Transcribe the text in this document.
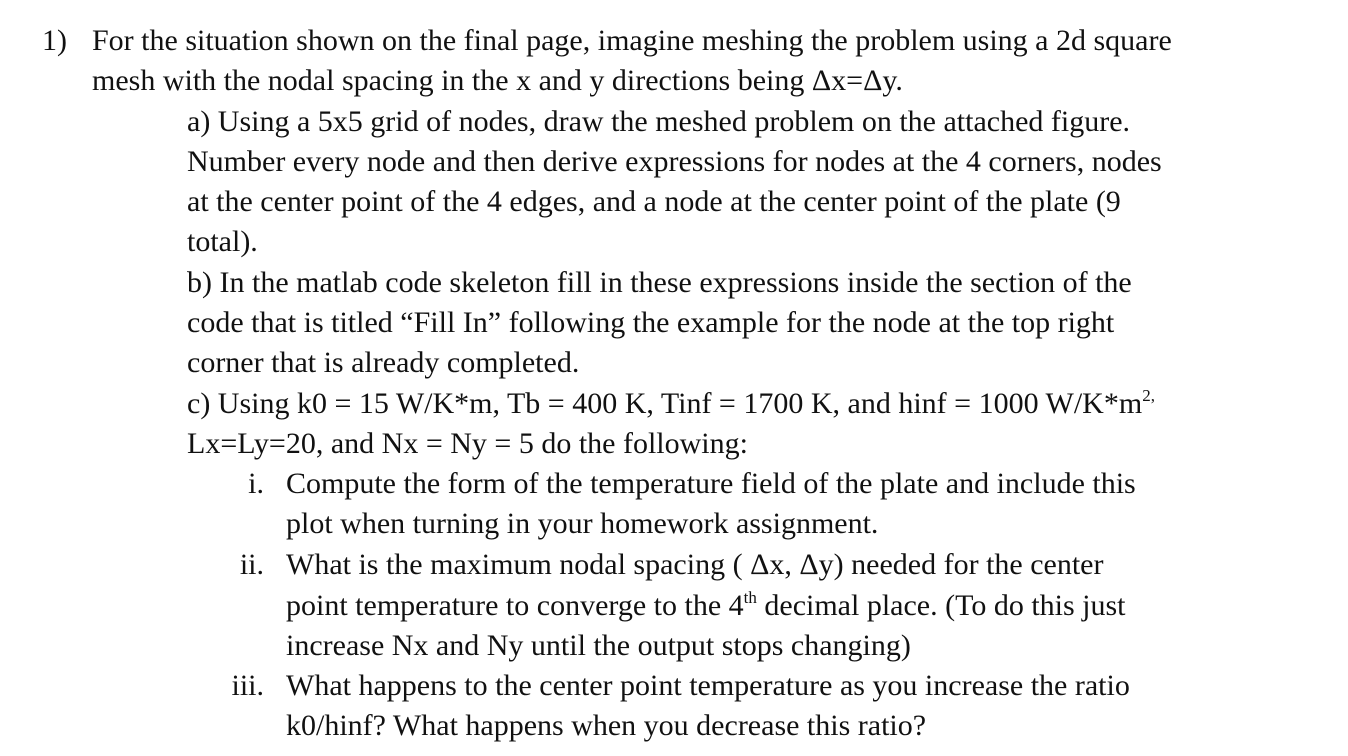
1) For the situation shown on the final page, imagine meshing the problem using a 2d square
mesh with the nodal spacing in the x and y directions being Δx=Δy.
a) Using a 5x5 grid of nodes, draw the meshed problem on the attached figure.
Number every node and then derive expressions for nodes at the 4 corners, nodes
at the center point of the 4 edges, and a node at the center point of the plate (9
total).
b) In the matlab code skeleton fill in these expressions inside the section of the
code that is titled “Fill In” following the example for the node at the top right
corner that is already completed.
c) Using k0 = 15 W/K*m, Tb = 400 K, Tinf = 1700 K, and hinf = 1000 $W/K*m^{2,}$
Lx=Ly=20, and Nx = Ny = 5 do the following:
i. Compute the form of the temperature field of the plate and include this
plot when turning in your homework assignment.
ii. What is the maximum nodal spacing ( Δx, Δy) needed for the center
point temperature to converge to the 4th decimal place. (To do this just
increase Nx and Ny until the output stops changing)
iii. What happens to the center point temperature as you increase the ratio
k0/hinf? What happens when you decrease this ratio?
